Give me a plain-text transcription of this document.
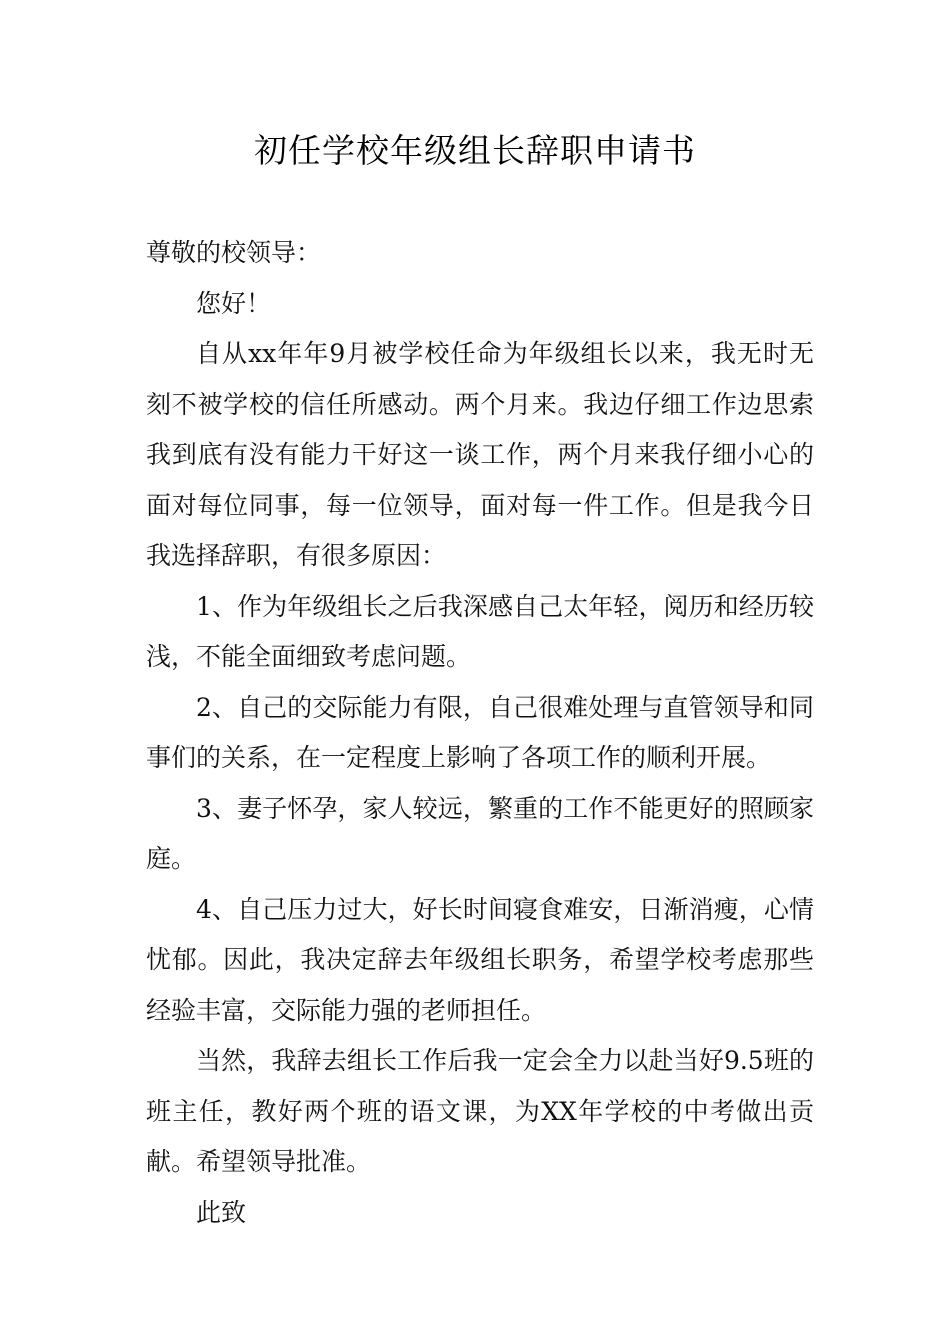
初任学校年级组长辞职申请书

尊敬的校领导：

您好！

自从xx年年9月被学校任命为年级组长以来，我无时无刻不被学校的信任所感动。两个月来。我边仔细工作边思索我到底有没有能力干好这一谈工作，两个月来我仔细小心的面对每位同事，每一位领导，面对每一件工作。但是我今日我选择辞职，有很多原因：

1、作为年级组长之后我深感自己太年轻，阅历和经历较浅，不能全面细致考虑问题。

2、自己的交际能力有限，自己很难处理与直管领导和同事们的关系，在一定程度上影响了各项工作的顺利开展。

3、妻子怀孕，家人较远，繁重的工作不能更好的照顾家庭。

4、自己压力过大，好长时间寝食难安，日渐消瘦，心情忧郁。因此，我决定辞去年级组长职务，希望学校考虑那些经验丰富，交际能力强的老师担任。

当然，我辞去组长工作后我一定会全力以赴当好9.5班的班主任，教好两个班的语文课，为XX年学校的中考做出贡献。希望领导批准。

此致
